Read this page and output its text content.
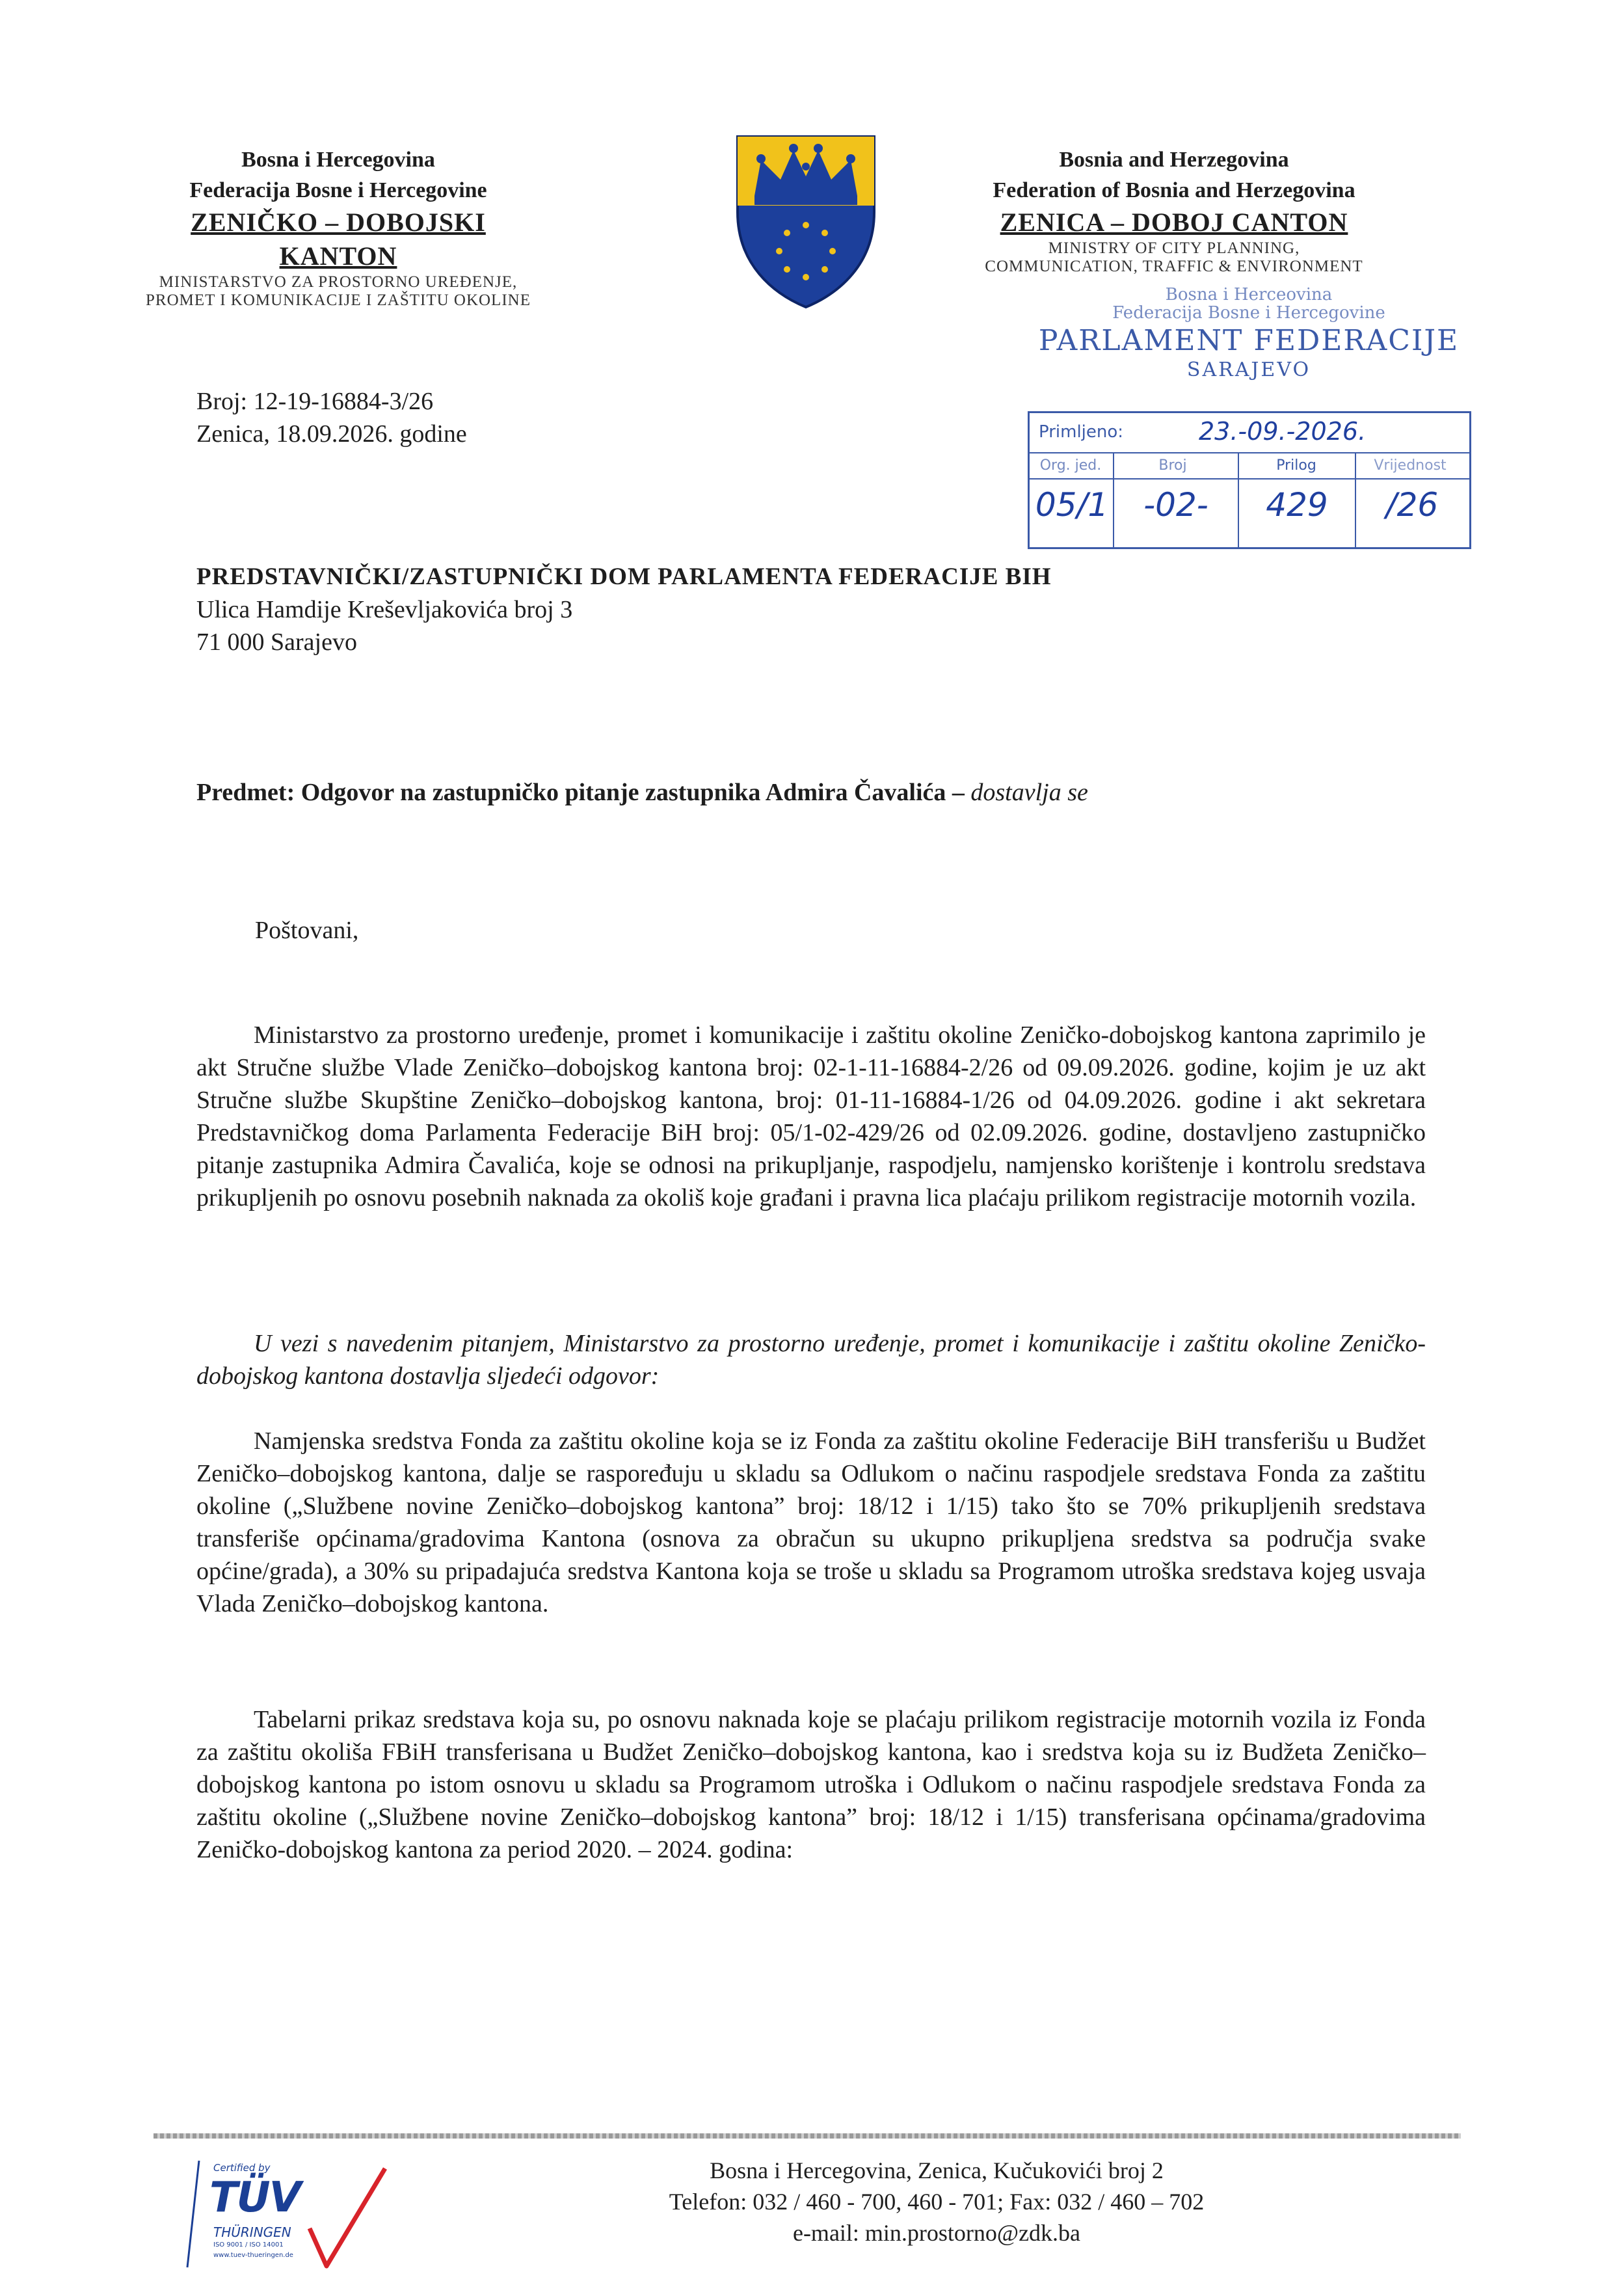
Bosna i Hercegovina
Federacija Bosne i Hercegovine
ZENIČKO – DOBOJSKI KANTON
MINISTARSTVO ZA PROSTORNO UREĐENJE,
PROMET I KOMUNIKACIJE I ZAŠTITU OKOLINE
Bosnia and Herzegovina
Federation of Bosnia and Herzegovina
ZENICA – DOBOJ CANTON
MINISTRY OF CITY PLANNING,
COMMUNICATION, TRAFFIC & ENVIRONMENT
Bosna i Herceovina
Federacija Bosne i Hercegovine
PARLAMENT FEDERACIJE
SARAJEVO
Primljeno:	23.-09.-2026.
Org. jed.	Broj	Prilog	Vrijednost
05/1	-02-	429	/26
Broj: 12-19-16884-3/26
Zenica, 18.09.2026. godine
PREDSTAVNIČKI/ZASTUPNIČKI DOM PARLAMENTA FEDERACIJE BIH
Ulica Hamdije Kreševljakovića broj 3
71 000 Sarajevo
Predmet: Odgovor na zastupničko pitanje zastupnika Admira Čavalića – dostavlja se
Poštovani,
Ministarstvo za prostorno uređenje, promet i komunikacije i zaštitu okoline Zeničko-dobojskog kantona zaprimilo je akt Stručne službe Vlade Zeničko–dobojskog kantona broj: 02-1-11-16884-2/26 od 09.09.2026. godine, kojim je uz akt Stručne službe Skupštine Zeničko–dobojskog kantona, broj: 01-11-16884-1/26 od 04.09.2026. godine i akt sekretara Predstavničkog doma Parlamenta Federacije BiH broj: 05/1-02-429/26 od 02.09.2026. godine, dostavljeno zastupničko pitanje zastupnika Admira Čavalića, koje se odnosi na prikupljanje, raspodjelu, namjensko korištenje i kontrolu sredstava prikupljenih po osnovu posebnih naknada za okoliš koje građani i pravna lica plaćaju prilikom registracije motornih vozila.
U vezi s navedenim pitanjem, Ministarstvo za prostorno uređenje, promet i komunikacije i zaštitu okoline Zeničko-dobojskog kantona dostavlja sljedeći odgovor:
Namjenska sredstva Fonda za zaštitu okoline koja se iz Fonda za zaštitu okoline Federacije BiH transferišu u Budžet Zeničko–dobojskog kantona, dalje se raspoređuju u skladu sa Odlukom o načinu raspodjele sredstava Fonda za zaštitu okoline („Službene novine Zeničko–dobojskog kantona” broj: 18/12 i 1/15) tako što se 70% prikupljenih sredstava transferiše općinama/gradovima Kantona (osnova za obračun su ukupno prikupljena sredstva sa područja svake općine/grada), a 30% su pripadajuća sredstva Kantona koja se troše u skladu sa Programom utroška sredstava kojeg usvaja Vlada Zeničko–dobojskog kantona.
Tabelarni prikaz sredstava koja su, po osnovu naknada koje se plaćaju prilikom registracije motornih vozila iz Fonda za zaštitu okoliša FBiH transferisana u Budžet Zeničko–dobojskog kantona, kao i sredstva koja su iz Budžeta Zeničko–dobojskog kantona po istom osnovu u skladu sa Programom utroška i Odlukom o načinu raspodjele sredstava Fonda za zaštitu okoline („Službene novine Zeničko–dobojskog kantona” broj: 18/12 i 1/15) transferisana općinama/gradovima Zeničko-dobojskog kantona za period 2020. – 2024. godina:
Certified by
TÜV
THÜRINGEN
ISO 9001 / ISO 14001
www.tuev-thueringen.de
Bosna i Hercegovina, Zenica, Kučukovići broj 2
Telefon: 032 / 460 - 700, 460 - 701; Fax: 032 / 460 – 702
e-mail: min.prostorno@zdk.ba
